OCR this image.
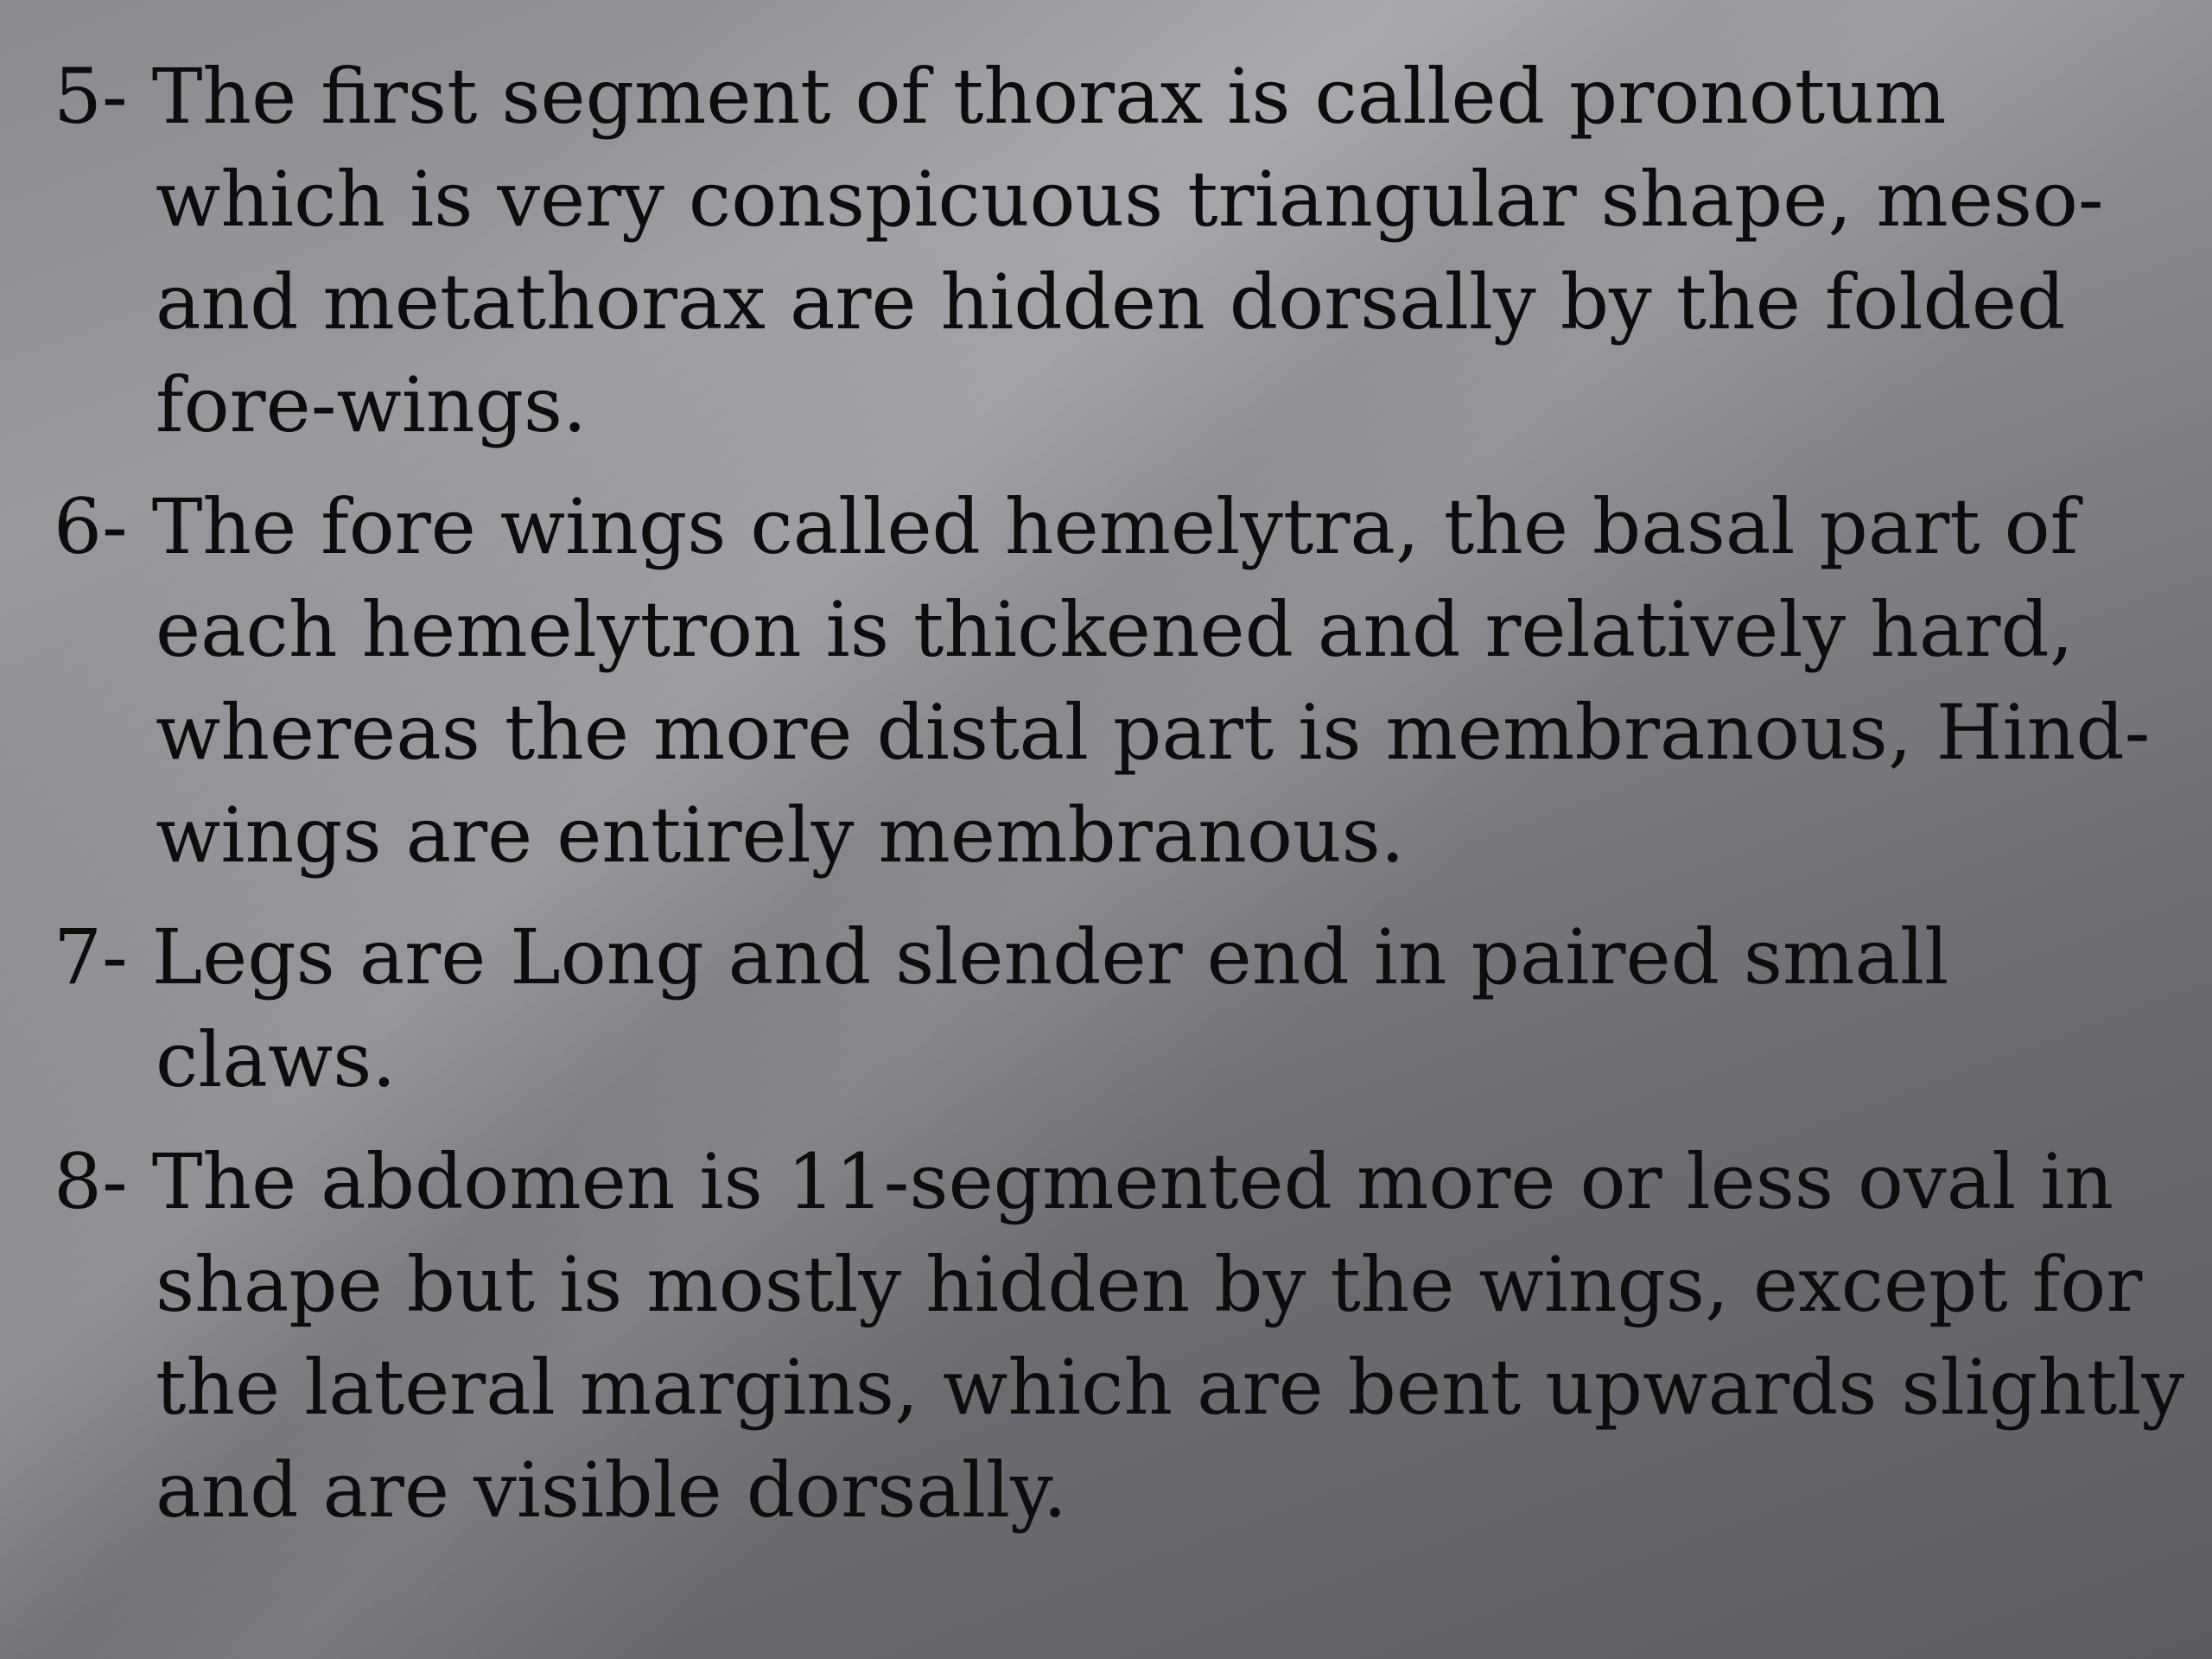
5- The first segment of thorax is called pronotum which is very conspicuous triangular shape, meso-and metathorax are hidden dorsally by the folded fore-wings.
6- The fore wings called hemelytra, the basal part of each hemelytron is thickened and relatively hard, whereas the more distal part is membranous, Hind-wings are entirely membranous.
7- Legs are Long and slender end in paired small claws.
8- The abdomen is 11-segmented more or less oval in shape but is mostly hidden by the wings, except for the lateral margins, which are bent upwards slightly and are visible dorsally.
